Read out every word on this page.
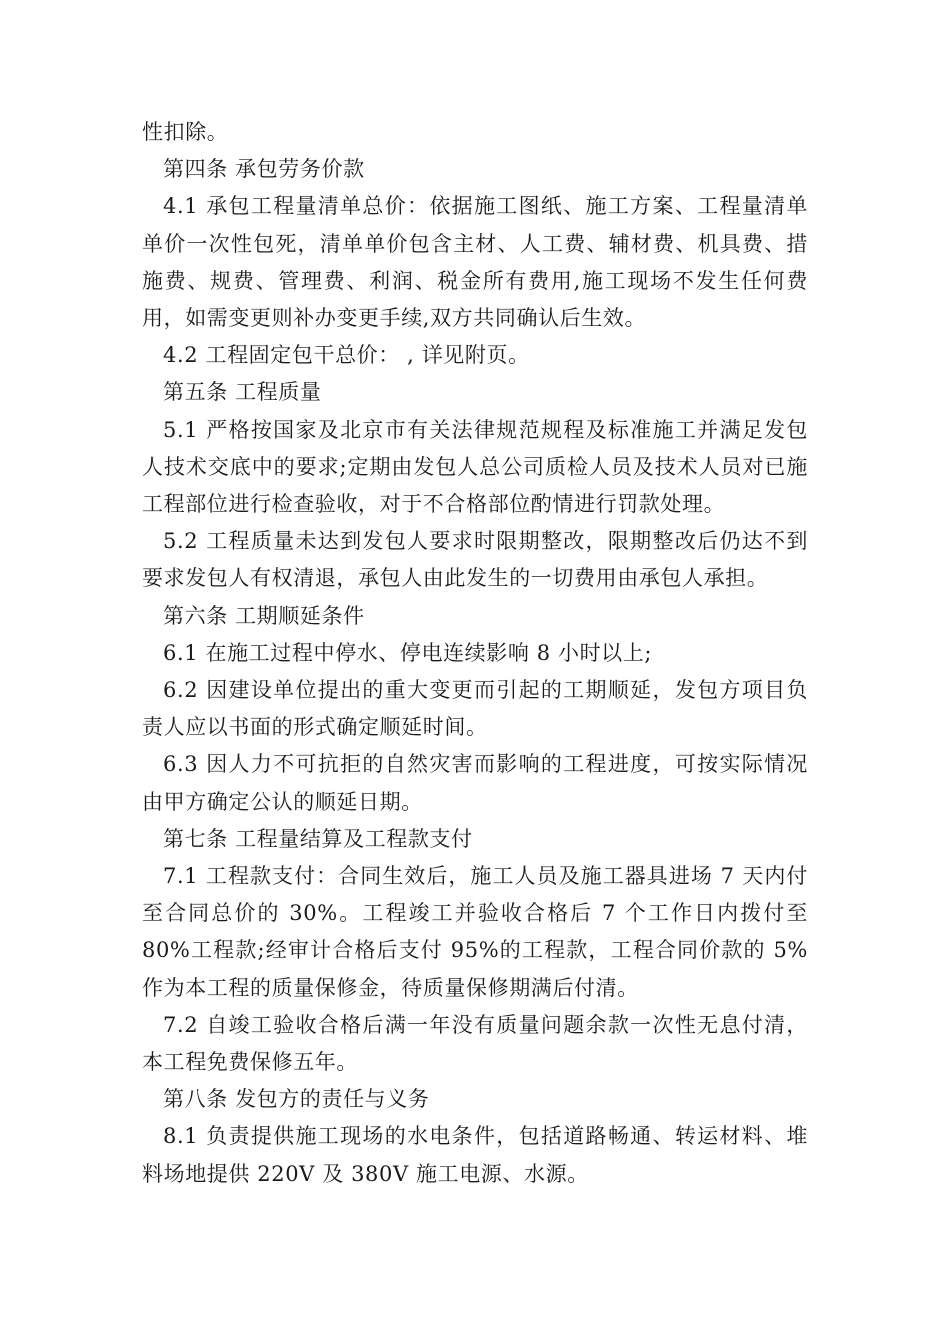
性扣除。

第四条 承包劳务价款

4.1 承包工程量清单总价：依据施工图纸、施工方案、工程量清单单价一次性包死，清单单价包含主材、人工费、辅材费、机具费、措施费、规费、管理费、利润、税金所有费用,施工现场不发生任何费用，如需变更则补办变更手续,双方共同确认后生效。

4.2 工程固定包干总价： , 详见附页。

第五条 工程质量

5.1 严格按国家及北京市有关法律规范规程及标准施工并满足发包人技术交底中的要求;定期由发包人总公司质检人员及技术人员对已施工程部位进行检查验收，对于不合格部位酌情进行罚款处理。

5.2 工程质量未达到发包人要求时限期整改，限期整改后仍达不到要求发包人有权清退，承包人由此发生的一切费用由承包人承担。

第六条 工期顺延条件

6.1 在施工过程中停水、停电连续影响 8 小时以上;

6.2 因建设单位提出的重大变更而引起的工期顺延，发包方项目负责人应以书面的形式确定顺延时间。

6.3 因人力不可抗拒的自然灾害而影响的工程进度，可按实际情况由甲方确定公认的顺延日期。

第七条 工程量结算及工程款支付

7.1 工程款支付：合同生效后，施工人员及施工器具进场 7 天内付至合同总价的 30%。工程竣工并验收合格后 7 个工作日内拨付至80%工程款;经审计合格后支付 95%的工程款，工程合同价款的 5%作为本工程的质量保修金，待质量保修期满后付清。

7.2 自竣工验收合格后满一年没有质量问题余款一次性无息付清，本工程免费保修五年。

第八条 发包方的责任与义务

8.1 负责提供施工现场的水电条件，包括道路畅通、转运材料、堆料场地提供 220V 及 380V 施工电源、水源。
